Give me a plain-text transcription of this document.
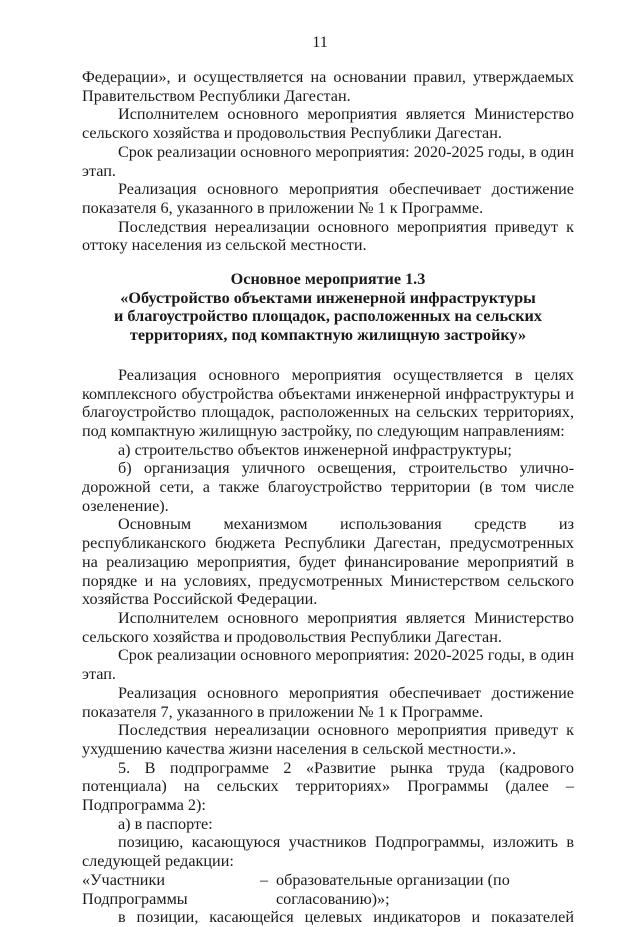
11

Федерации», и осуществляется на основании правил, утверждаемых Правительством Республики Дагестан.

Исполнителем основного мероприятия является Министерство сельского хозяйства и продовольствия Республики Дагестан.

Срок реализации основного мероприятия: 2020-2025 годы, в один этап.

Реализация основного мероприятия обеспечивает достижение показателя 6, указанного в приложении № 1 к Программе.

Последствия нереализации основного мероприятия приведут к оттоку населения из сельской местности.

Основное мероприятие 1.3
«Обустройство объектами инженерной инфраструктуры
и благоустройство площадок, расположенных на сельских
территориях, под компактную жилищную застройку»

Реализация основного мероприятия осуществляется в целях комплексного обустройства объектами инженерной инфраструктуры и благоустройство площадок, расположенных на сельских территориях, под компактную жилищную застройку, по следующим направлениям:

а) строительство объектов инженерной инфраструктуры;

б) организация уличного освещения, строительство улично-дорожной сети, а также благоустройство территории (в том числе озеленение).

Основным механизмом использования средств из республиканского бюджета Республики Дагестан, предусмотренных на реализацию мероприятия, будет финансирование мероприятий в порядке и на условиях, предусмотренных Министерством сельского хозяйства Российской Федерации.

Исполнителем основного мероприятия является Министерство сельского хозяйства и продовольствия Республики Дагестан.

Срок реализации основного мероприятия: 2020-2025 годы, в один этап.

Реализация основного мероприятия обеспечивает достижение показателя 7, указанного в приложении № 1 к Программе.

Последствия нереализации основного мероприятия приведут к ухудшению качества жизни населения в сельской местности.».

5. В подпрограмме 2 «Развитие рынка труда (кадрового потенциала) на сельских территориях» Программы (далее – Подпрограмма 2):

а) в паспорте:

позицию, касающуюся участников Подпрограммы, изложить в следующей редакции:

«Участники Подпрограммы
– образовательные организации (по согласованию)»;

в позиции, касающейся целевых индикаторов и показателей
